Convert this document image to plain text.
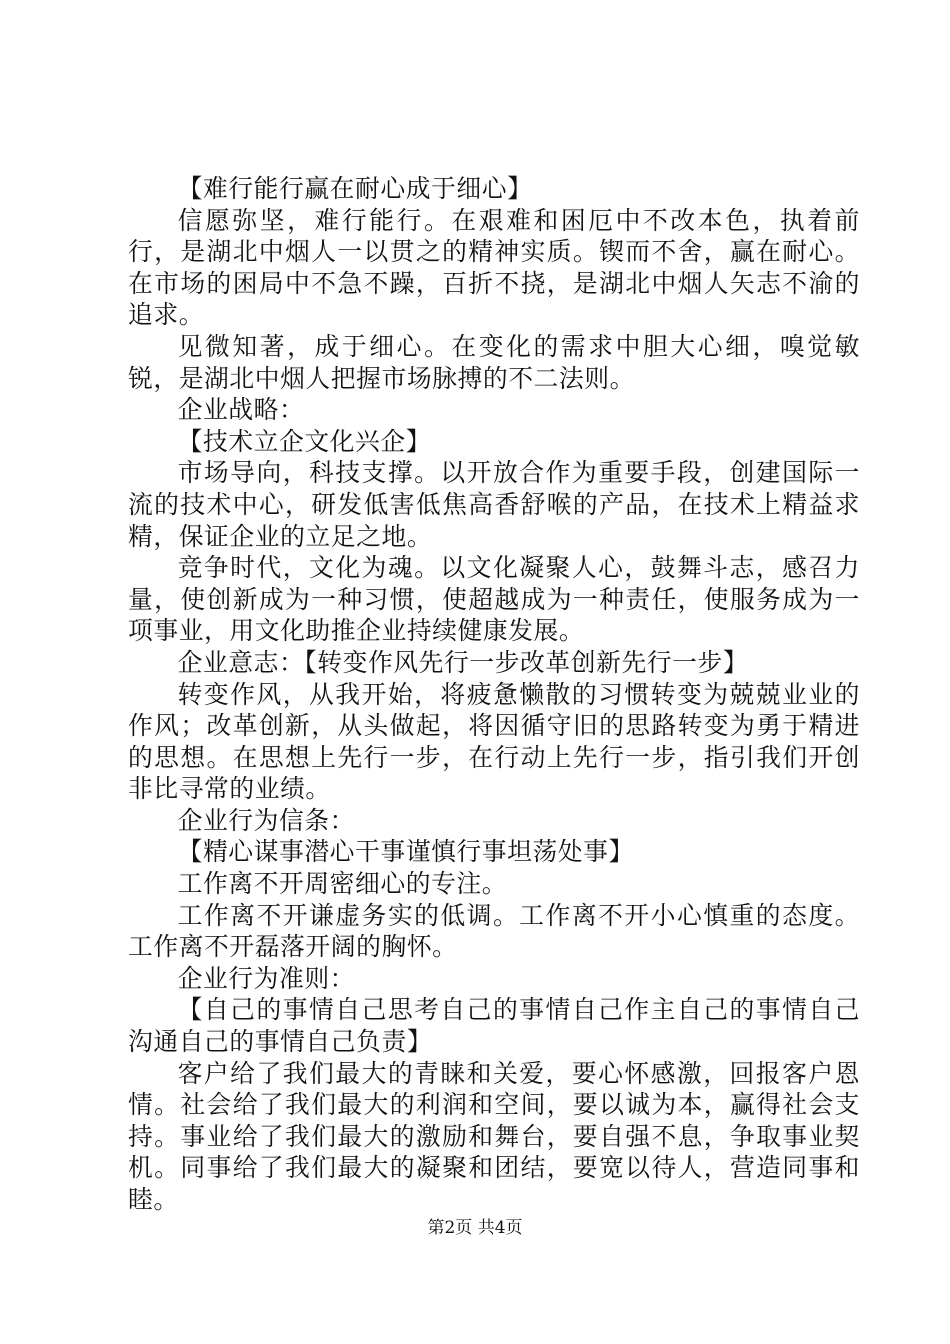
【难行能行赢在耐心成于细心】

信愿弥坚，难行能行。在艰难和困厄中不改本色，执着前行，是湖北中烟人一以贯之的精神实质。锲而不舍，赢在耐心。在市场的困局中不急不躁，百折不挠，是湖北中烟人矢志不渝的追求。

见微知著，成于细心。在变化的需求中胆大心细，嗅觉敏锐，是湖北中烟人把握市场脉搏的不二法则。

企业战略：

【技术立企文化兴企】

市场导向，科技支撑。以开放合作为重要手段，创建国际一流的技术中心，研发低害低焦高香舒喉的产品，在技术上精益求精，保证企业的立足之地。

竞争时代，文化为魂。以文化凝聚人心，鼓舞斗志，感召力量，使创新成为一种习惯，使超越成为一种责任，使服务成为一项事业，用文化助推企业持续健康发展。

企业意志：【转变作风先行一步改革创新先行一步】

转变作风，从我开始，将疲惫懒散的习惯转变为兢兢业业的作风；改革创新，从头做起，将因循守旧的思路转变为勇于精进的思想。在思想上先行一步，在行动上先行一步，指引我们开创非比寻常的业绩。

企业行为信条：

【精心谋事潜心干事谨慎行事坦荡处事】

工作离不开周密细心的专注。

工作离不开谦虚务实的低调。工作离不开小心慎重的态度。工作离不开磊落开阔的胸怀。

企业行为准则：

【自己的事情自己思考自己的事情自己作主自己的事情自己沟通自己的事情自己负责】

客户给了我们最大的青睐和关爱，要心怀感激，回报客户恩情。社会给了我们最大的利润和空间，要以诚为本，赢得社会支持。事业给了我们最大的激励和舞台，要自强不息，争取事业契机。同事给了我们最大的凝聚和团结，要宽以待人，营造同事和睦。

第2页 共4页
